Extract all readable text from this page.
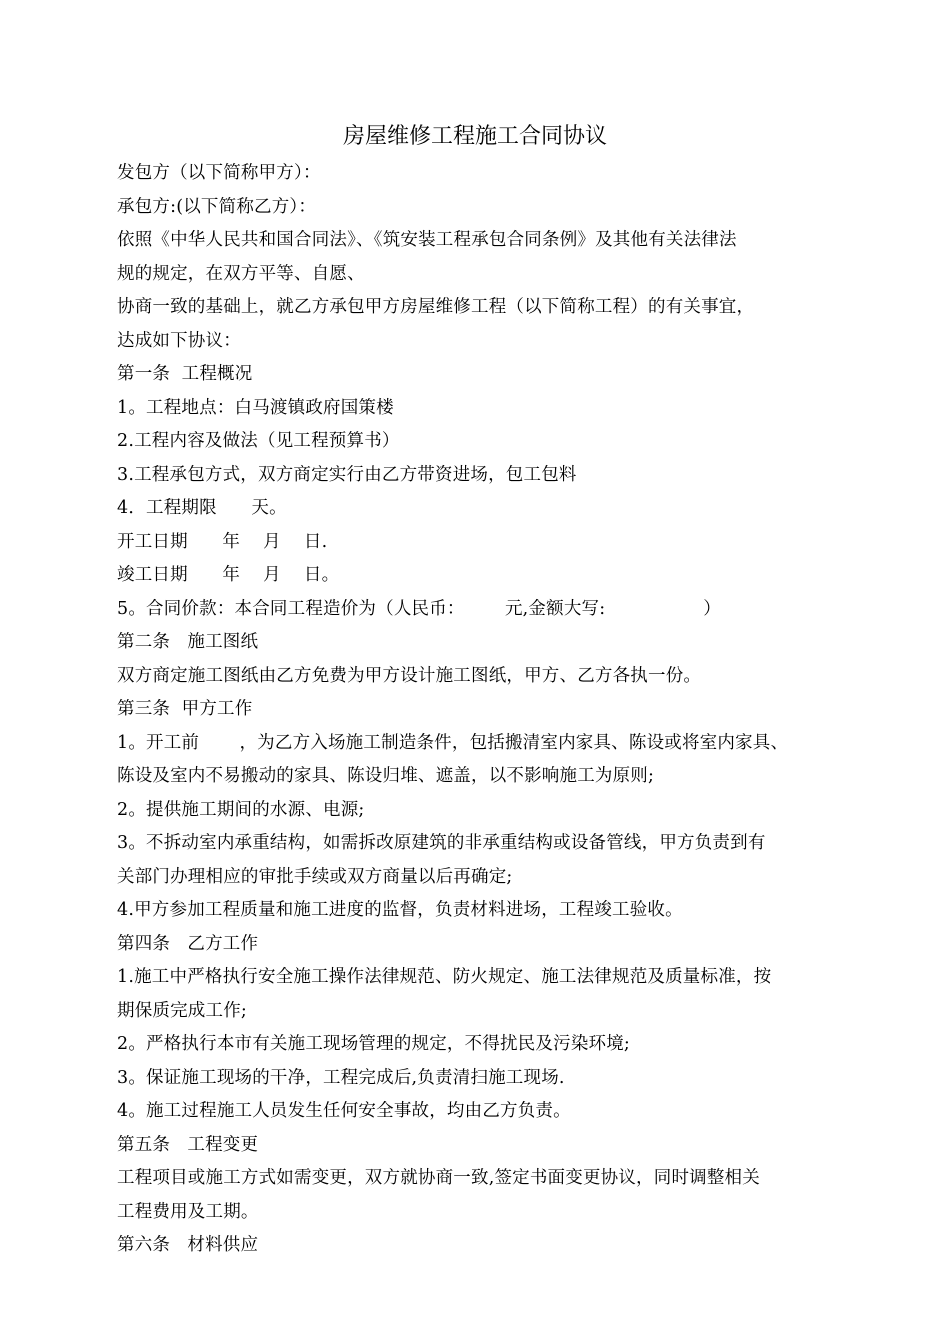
房屋维修工程施工合同协议
发包方（以下简称甲方）：
承包方:(以下简称乙方）：
依照《中华人民共和国合同法》、《筑安装工程承包合同条例》及其他有关法律法
规的规定，在双方平等、自愿、
协商一致的基础上，就乙方承包甲方房屋维修工程（以下简称工程）的有关事宜，
达成如下协议：
第一条  工程概况
1。工程地点：白马渡镇政府国策楼
2.工程内容及做法（见工程预算书）
3.工程承包方式，双方商定实行由乙方带资进场，包工包料
4．工程期限      天。
开工日期      年    月    日.
竣工日期      年    月    日。
5。合同价款：本合同工程造价为（人民币：       元,金额大写:                 ）
第二条   施工图纸
双方商定施工图纸由乙方免费为甲方设计施工图纸，甲方、乙方各执一份。
第三条  甲方工作
1。开工前       ，为乙方入场施工制造条件，包括搬清室内家具、陈设或将室内家具、
陈设及室内不易搬动的家具、陈设归堆、遮盖，以不影响施工为原则;
2。提供施工期间的水源、电源;
3。不拆动室内承重结构，如需拆改原建筑的非承重结构或设备管线，甲方负责到有
关部门办理相应的审批手续或双方商量以后再确定;
4.甲方参加工程质量和施工进度的监督，负责材料进场，工程竣工验收。
第四条   乙方工作
1.施工中严格执行安全施工操作法律规范、防火规定、施工法律规范及质量标准，按
期保质完成工作;
2。严格执行本市有关施工现场管理的规定，不得扰民及污染环境;
3。保证施工现场的干净，工程完成后,负责清扫施工现场.
4。施工过程施工人员发生任何安全事故，均由乙方负责。
第五条   工程变更
工程项目或施工方式如需变更，双方就协商一致,签定书面变更协议，同时调整相关
工程费用及工期。
第六条   材料供应
